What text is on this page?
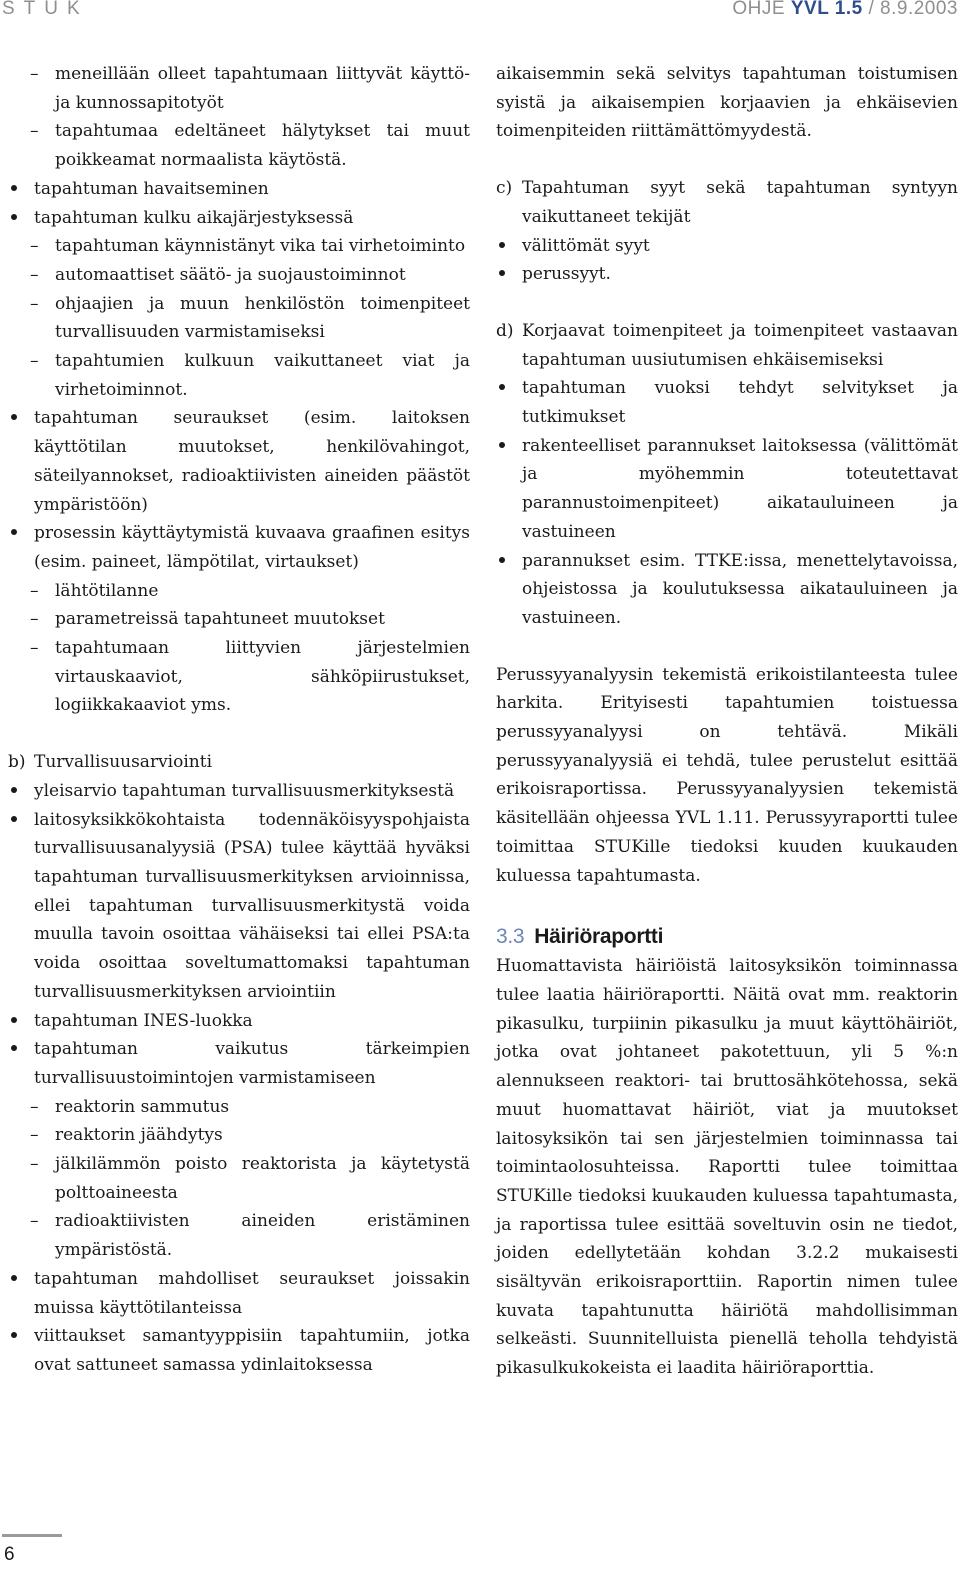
STUK	OHJE YVL 1.5 / 8.9.2003
– meneillään olleet tapahtumaan liittyvät käyttö- ja kunnossapitotyöt
– tapahtumaa edeltäneet hälytykset tai muut poikkeamat normaalista käytöstä.
tapahtuman havaitseminen
tapahtuman kulku aikajärjestyksessä
– tapahtuman käynnistänyt vika tai virhetoiminto
– automaattiset säätö- ja suojaustoiminnot
– ohjaajien ja muun henkilöstön toimenpiteet turvallisuuden varmistamiseksi
– tapahtumien kulkuun vaikuttaneet viat ja virhetoiminnot.
tapahtuman seuraukset (esim. laitoksen käyttötilan muutokset, henkilövahingot, säteilyannokset, radioaktiivisten aineiden päästöt ympäristöön)
prosessin käyttäytymistä kuvaava graafinen esitys (esim. paineet, lämpötilat, virtaukset)
– lähtötilanne
– parametreissä tapahtuneet muutokset
– tapahtumaan liittyvien järjestelmien virtauskaaviot, sähköpiirustukset, logiikkakaaviot yms.
b) Turvallisuusarviointi
yleisarvio tapahtuman turvallisuusmerkityksestä
laitosyksikkökohtaista todennäköisyyspohjaista turvallisuusanalyysiä (PSA) tulee käyttää hyväksi tapahtuman turvallisuusmerkityksen arvioinnissa, ellei tapahtuman turvallisuusmerkitystä voida muulla tavoin osoittaa vähäiseksi tai ellei PSA:ta voida osoittaa soveltumattomaksi tapahtuman turvallisuusmerkityksen arviointiin
tapahtuman INES-luokka
tapahtuman vaikutus tärkeimpien turvallisuustoimintojen varmistamiseen
– reaktorin sammutus
– reaktorin jäähdytys
– jälkilämmön poisto reaktorista ja käytetystä polttoaineesta
– radioaktiivisten aineiden eristäminen ympäristöstä.
tapahtuman mahdolliset seuraukset joissakin muissa käyttötilanteissa
viittaukset samantyyppisiin tapahtumiin, jotka ovat sattuneet samassa ydinlaitoksessa
aikaisemmin sekä selvitys tapahtuman toistumisen syistä ja aikaisempien korjaavien ja ehkäisevien toimenpiteiden riittämättömyydestä.
c) Tapahtuman syyt sekä tapahtuman syntyyn vaikuttaneet tekijät
välittömät syyt
perussyyt.
d) Korjaavat toimenpiteet ja toimenpiteet vastaavan tapahtuman uusiutumisen ehkäisemiseksi
tapahtuman vuoksi tehdyt selvitykset ja tutkimukset
rakenteelliset parannukset laitoksessa (välittömät ja myöhemmin toteutettavat parannustoimenpiteet) aikatauluineen ja vastuineen
parannukset esim. TTKE:issa, menettelytavoissa, ohjeistossa ja koulutuksessa aikatauluineen ja vastuineen.

Perussyyanalyysin tekemistä erikoistilanteesta tulee harkita. Erityisesti tapahtumien toistuessa perussyyanalyysi on tehtävä. Mikäli perussyyanalyysiä ei tehdä, tulee perustelut esittää erikoisraportissa. Perussyyanalyysien tekemistä käsitellään ohjeessa YVL 1.11. Perussyyraportti tulee toimittaa STUKille tiedoksi kuuden kuukauden kuluessa tapahtumasta.

3.3 Häiriöraportti

Huomattavista häiriöistä laitosyksikön toiminnassa tulee laatia häiriöraportti. Näitä ovat mm. reaktorin pikasulku, turpiinin pikasulku ja muut käyttöhäiriöt, jotka ovat johtaneet pakotettuun, yli 5 %:n alennukseen reaktori- tai bruttosähkötehossa, sekä muut huomattavat häiriöt, viat ja muutokset laitosyksikön tai sen järjestelmien toiminnassa tai toimintaolosuhteissa. Raportti tulee toimittaa STUKille tiedoksi kuukauden kuluessa tapahtumasta, ja raportissa tulee esittää soveltuvin osin ne tiedot, joiden edellytetään kohdan 3.2.2 mukaisesti sisältyvän erikoisraporttiin. Raportin nimen tulee kuvata tapahtunutta häiriötä mahdollisimman selkeästi. Suunnitelluista pienellä teholla tehdyistä pikasulkukokeista ei laadita häiriöraporttia.

6
